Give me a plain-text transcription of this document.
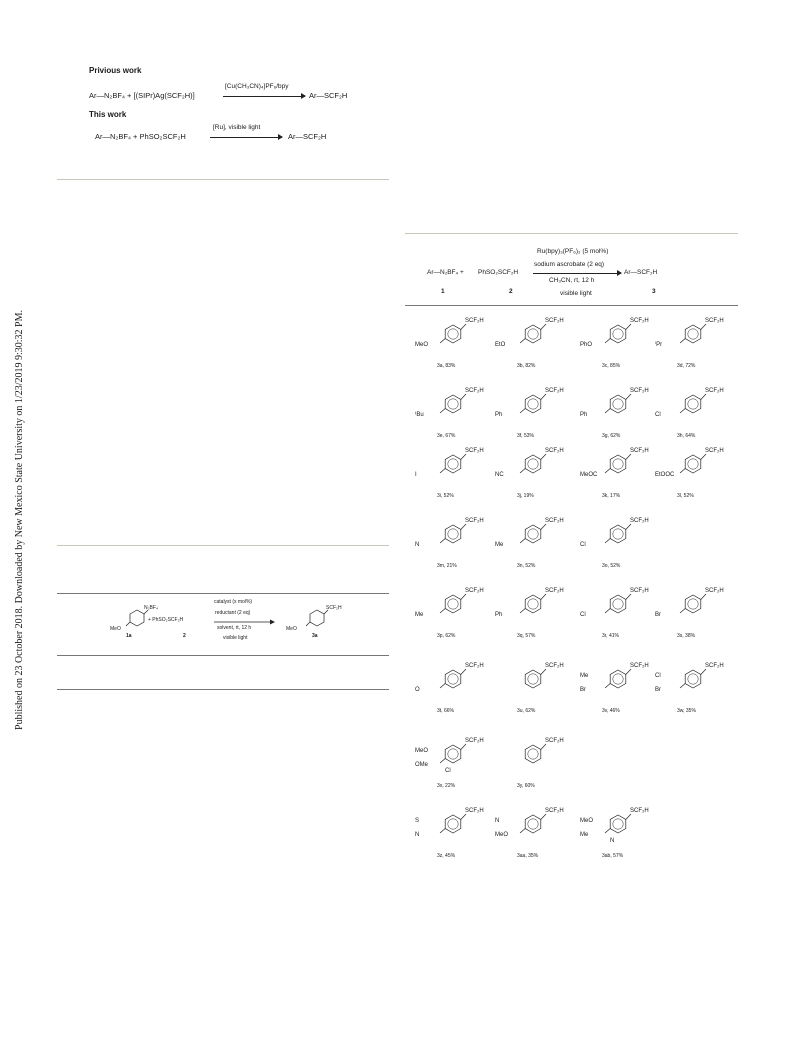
Published on 23 October 2018. Downloaded by New Mexico State University on 1/23/2019 9:30:32 PM.
Privious work
Ar—N₂BF₄ + [(SIPr)Ag(SCF₂H)]
[Cu(CH₃CN)₄]PF₆/bpy
Ar—SCF₂H
This work
Ar—N₂BF₄ + PhSO₂SCF₂H
[Ru], visible light
Ar—SCF₂H
Ru(bpy)₃(PF₆)₂ (5 mol%)
sodium ascrobate (2 eq)
CH₃CN, rt, 12 h
visible light
Ar—N₂BF₄ + PhSO₂SCF₂H	Ar—SCF₂H
1	2	3
N₂BF₄
MeO
1a
+ PhSO₂SCF₂H
2
catalyst (x mol%)
reductant (2 eq)
solvent, rt, 12 h
visible light
SCF₂H
MeO
3a
SCF₂H
MeO
3a, 83%
SCF₂H
EtO
3b, 82%
SCF₂H
PhO
3c, 85%
SCF₂H
ⁱPr
3d, 72%
SCF₂H
ᵗBu
3e, 67%
SCF₂H
Ph
3f, 53%
SCF₂H
Ph
3g, 62%
SCF₂H
Cl
3h, 64%
SCF₂H
I
3i, 52%
SCF₂H
NC
3j, 19%
SCF₂H
MeOC
3k, 17%
SCF₂H
EtOOC
3l, 52%
SCF₂H
N
3m, 21%
SCF₂H
Me
3n, 52%
SCF₂H
Cl
3o, 52%
SCF₂H
Me
3p, 62%
SCF₂H
Ph
3q, 57%
SCF₂H
Cl
3r, 41%
SCF₂H
Br
3s, 38%
SCF₂H
O
3t, 66%
SCF₂H
3u, 62%
SCF₂H
Br
Me
3v, 46%
SCF₂H
Br
Cl
3w, 35%
SCF₂H
OMe
MeO
Cl
3x, 22%
SCF₂H
3y, 60%
SCF₂H
N
S
3z, 45%
SCF₂H
MeO
N
3aa, 35%
SCF₂H
Me
MeO
N
3ab, 57%
